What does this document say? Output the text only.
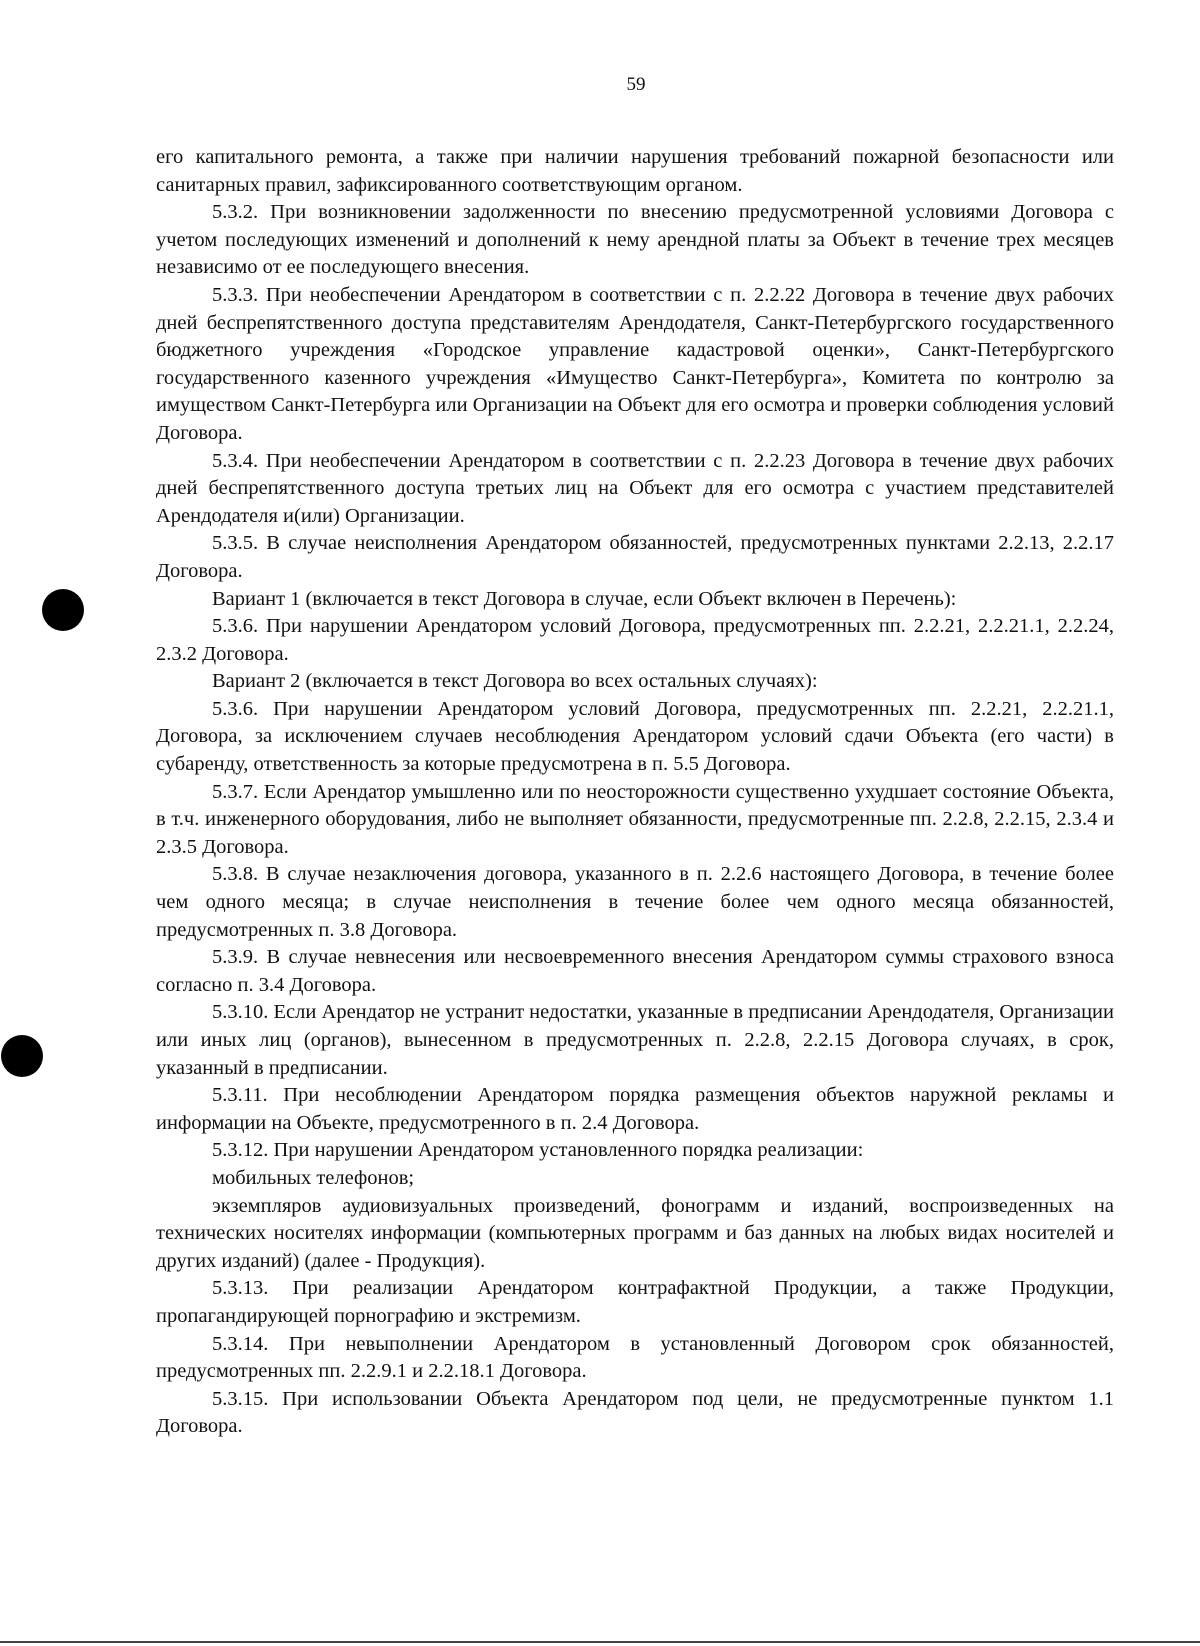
59

его капитального ремонта, а также при наличии нарушения требований пожарной безопасности или санитарных правил, зафиксированного соответствующим органом.

5.3.2. При возникновении задолженности по внесению предусмотренной условиями Договора с учетом последующих изменений и дополнений к нему арендной платы за Объект в течение трех месяцев независимо от ее последующего внесения.

5.3.3. При необеспечении Арендатором в соответствии с п. 2.2.22 Договора в течение двух рабочих дней беспрепятственного доступа представителям Арендодателя, Санкт-Петербургского государственного бюджетного учреждения «Городское управление кадастровой оценки», Санкт-Петербургского государственного казенного учреждения «Имущество Санкт-Петербурга», Комитета по контролю за имуществом Санкт-Петербурга или Организации на Объект для его осмотра и проверки соблюдения условий Договора.

5.3.4. При необеспечении Арендатором в соответствии с п. 2.2.23 Договора в течение двух рабочих дней беспрепятственного доступа третьих лиц на Объект для его осмотра с участием представителей Арендодателя и(или) Организации.

5.3.5. В случае неисполнения Арендатором обязанностей, предусмотренных пунктами 2.2.13, 2.2.17 Договора.

Вариант 1 (включается в текст Договора в случае, если Объект включен в Перечень):

5.3.6. При нарушении Арендатором условий Договора, предусмотренных пп. 2.2.21, 2.2.21.1, 2.2.24, 2.3.2 Договора.

Вариант 2 (включается в текст Договора во всех остальных случаях):

5.3.6. При нарушении Арендатором условий Договора, предусмотренных пп. 2.2.21, 2.2.21.1, Договора, за исключением случаев несоблюдения Арендатором условий сдачи Объекта (его части) в субаренду, ответственность за которые предусмотрена в п. 5.5 Договора.

5.3.7. Если Арендатор умышленно или по неосторожности существенно ухудшает состояние Объекта, в т.ч. инженерного оборудования, либо не выполняет обязанности, предусмотренные пп. 2.2.8, 2.2.15, 2.3.4 и 2.3.5 Договора.

5.3.8. В случае незаключения договора, указанного в п. 2.2.6 настоящего Договора, в течение более чем одного месяца; в случае неисполнения в течение более чем одного месяца обязанностей, предусмотренных п. 3.8 Договора.

5.3.9. В случае невнесения или несвоевременного внесения Арендатором суммы страхового взноса согласно п. 3.4 Договора.

5.3.10. Если Арендатор не устранит недостатки, указанные в предписании Арендодателя, Организации или иных лиц (органов), вынесенном в предусмотренных п. 2.2.8, 2.2.15 Договора случаях, в срок, указанный в предписании.

5.3.11. При несоблюдении Арендатором порядка размещения объектов наружной рекламы и информации на Объекте, предусмотренного в п. 2.4 Договора.

5.3.12. При нарушении Арендатором установленного порядка реализации:

мобильных телефонов;

экземпляров аудиовизуальных произведений, фонограмм и изданий, воспроизведенных на технических носителях информации (компьютерных программ и баз данных на любых видах носителей и других изданий) (далее - Продукция).

5.3.13. При реализации Арендатором контрафактной Продукции, а также Продукции, пропагандирующей порнографию и экстремизм.

5.3.14. При невыполнении Арендатором в установленный Договором срок обязанностей, предусмотренных пп. 2.2.9.1 и 2.2.18.1 Договора.

5.3.15. При использовании Объекта Арендатором под цели, не предусмотренные пунктом 1.1 Договора.
